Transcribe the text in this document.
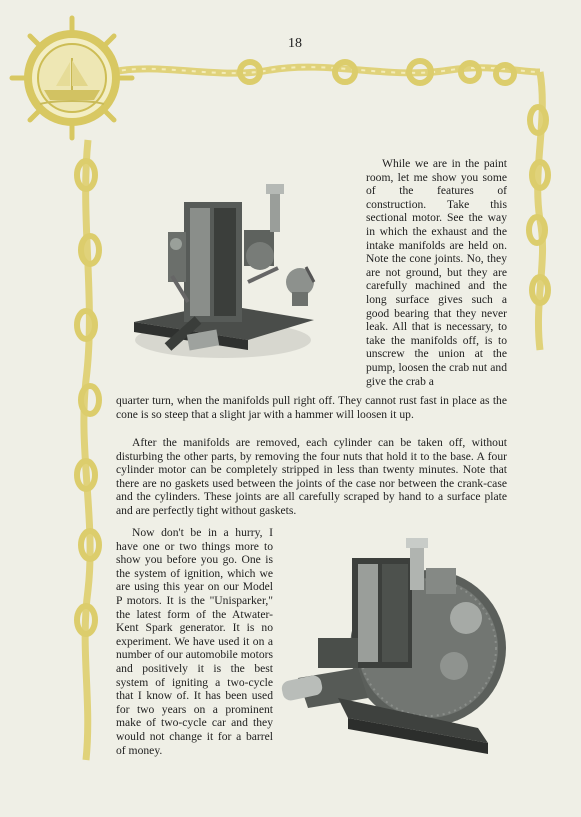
18

While we are in the paint room, let me show you some of the features of construction. Take this sectional motor. See the way in which the exhaust and the intake manifolds are held on. Note the cone joints. No, they are not ground, but they are carefully machined and the long surface gives such a good bearing that they never leak. All that is necessary, to take the manifolds off, is to unscrew the union at the pump, loosen the crab nut and give the crab a

quarter turn, when the manifolds pull right off. They cannot rust fast in place as the cone is so steep that a slight jar with a hammer will loosen it up.

After the manifolds are removed, each cylinder can be taken off, without disturbing the other parts, by removing the four nuts that hold it to the base. A four cylinder motor can be completely stripped in less than twenty minutes. Note that there are no gaskets used between the joints of the case nor between the crank-case and the cylinders. These joints are all carefully scraped by hand to a surface plate and are perfectly tight without gaskets.

Now don't be in a hurry, I have one or two things more to show you before you go. One is the system of ignition, which we are using this year on our Model P motors. It is the "Unisparker," the latest form of the Atwater-Kent Spark generator. It is no experiment. We have used it on a number of our automobile motors and positively it is the best system of igniting a two-cycle that I know of. It has been used for two years on a prominent make of two-cycle car and they would not change it for a barrel of money.
